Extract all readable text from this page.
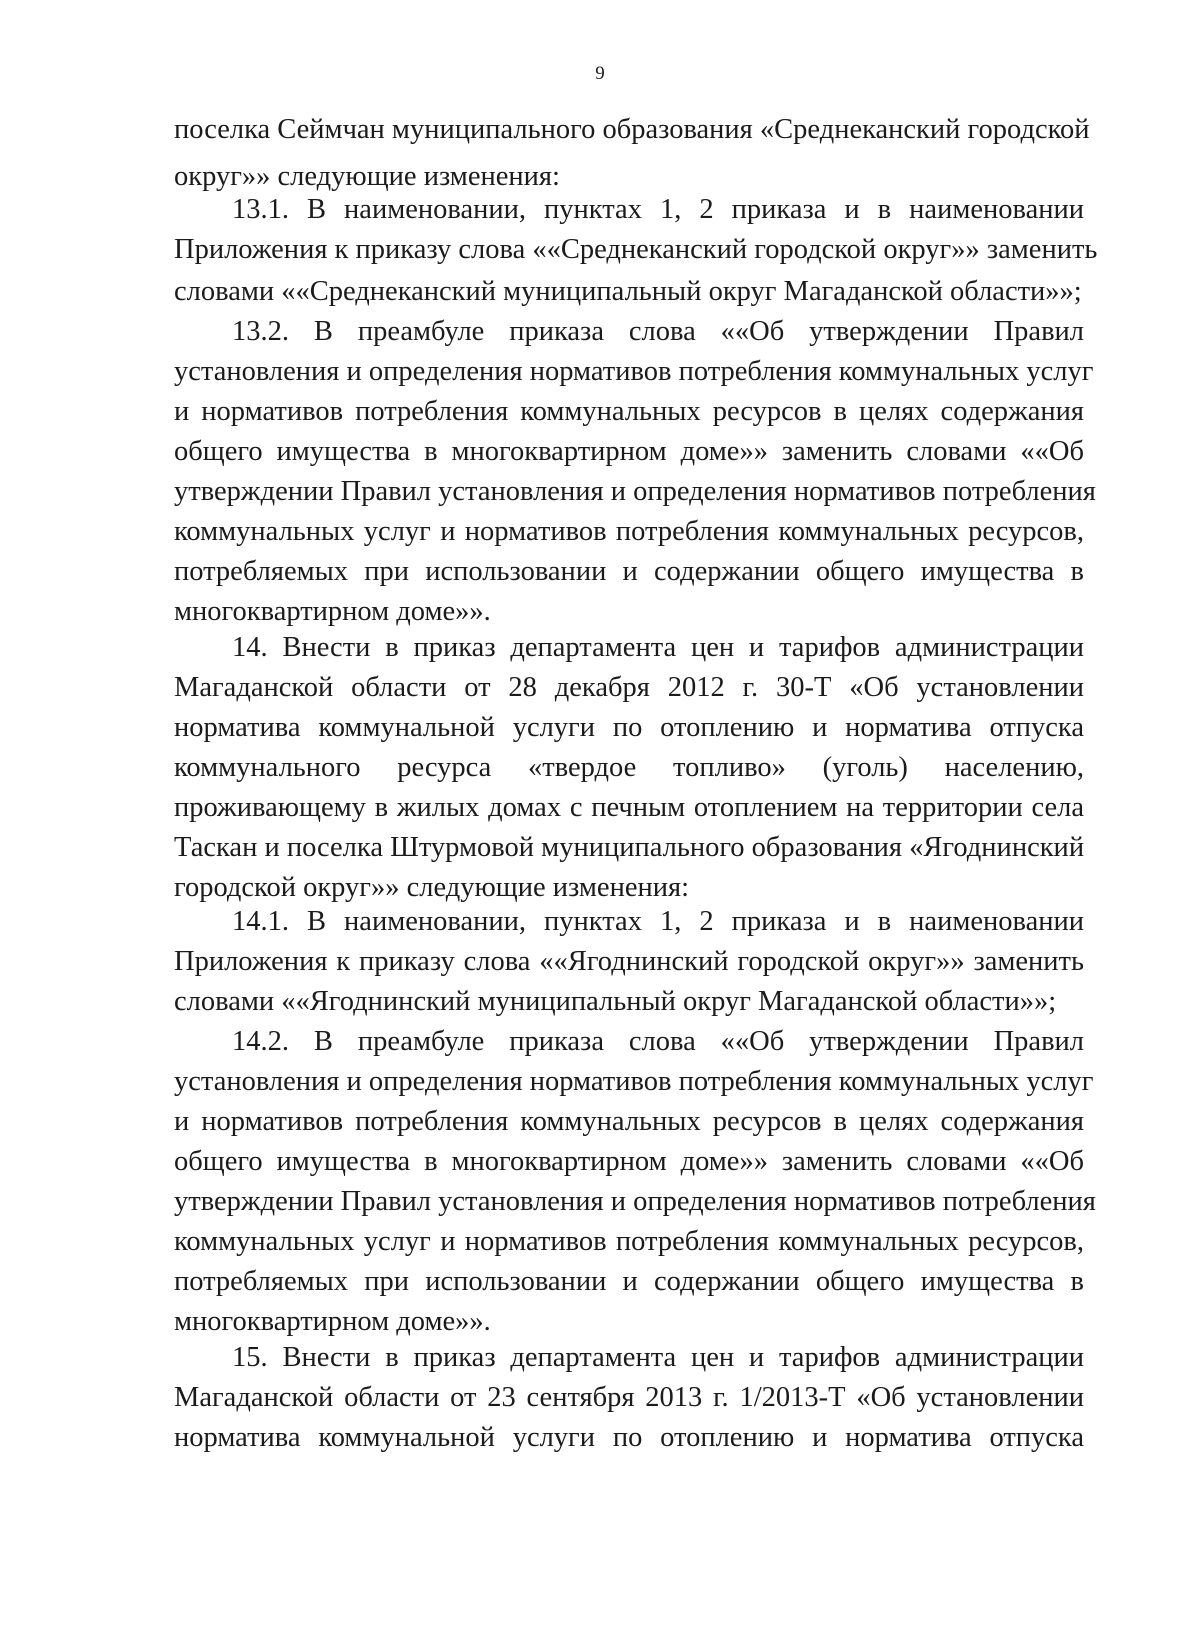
9
поселка Сеймчан муниципального образования «Среднеканский городской
округ»» следующие изменения:
13.1. В наименовании, пунктах 1, 2 приказа и в наименовании
Приложения к приказу слова ««Среднеканский городской округ»» заменить
словами ««Среднеканский муниципальный округ Магаданской области»»;
13.2. В преамбуле приказа слова ««Об утверждении Правил
установления и определения нормативов потребления коммунальных услуг
и нормативов потребления коммунальных ресурсов в целях содержания
общего имущества в многоквартирном доме»» заменить словами ««Об
утверждении Правил установления и определения нормативов потребления
коммунальных услуг и нормативов потребления коммунальных ресурсов,
потребляемых при использовании и содержании общего имущества в
многоквартирном доме»».
14. Внести в приказ департамента цен и тарифов администрации
Магаданской области от 28 декабря 2012 г. 30-Т «Об установлении
норматива коммунальной услуги по отоплению и норматива отпуска
коммунального ресурса «твердое топливо» (уголь) населению,
проживающему в жилых домах с печным отоплением на территории села
Таскан и поселка Штурмовой муниципального образования «Ягоднинский
городской округ»» следующие изменения:
14.1. В наименовании, пунктах 1, 2 приказа и в наименовании
Приложения к приказу слова ««Ягоднинский городской округ»» заменить
словами ««Ягоднинский муниципальный округ Магаданской области»»;
14.2. В преамбуле приказа слова ««Об утверждении Правил
установления и определения нормативов потребления коммунальных услуг
и нормативов потребления коммунальных ресурсов в целях содержания
общего имущества в многоквартирном доме»» заменить словами ««Об
утверждении Правил установления и определения нормативов потребления
коммунальных услуг и нормативов потребления коммунальных ресурсов,
потребляемых при использовании и содержании общего имущества в
многоквартирном доме»».
15. Внести в приказ департамента цен и тарифов администрации
Магаданской области от 23 сентября 2013 г. 1/2013-Т «Об установлении
норматива коммунальной услуги по отоплению и норматива отпуска
